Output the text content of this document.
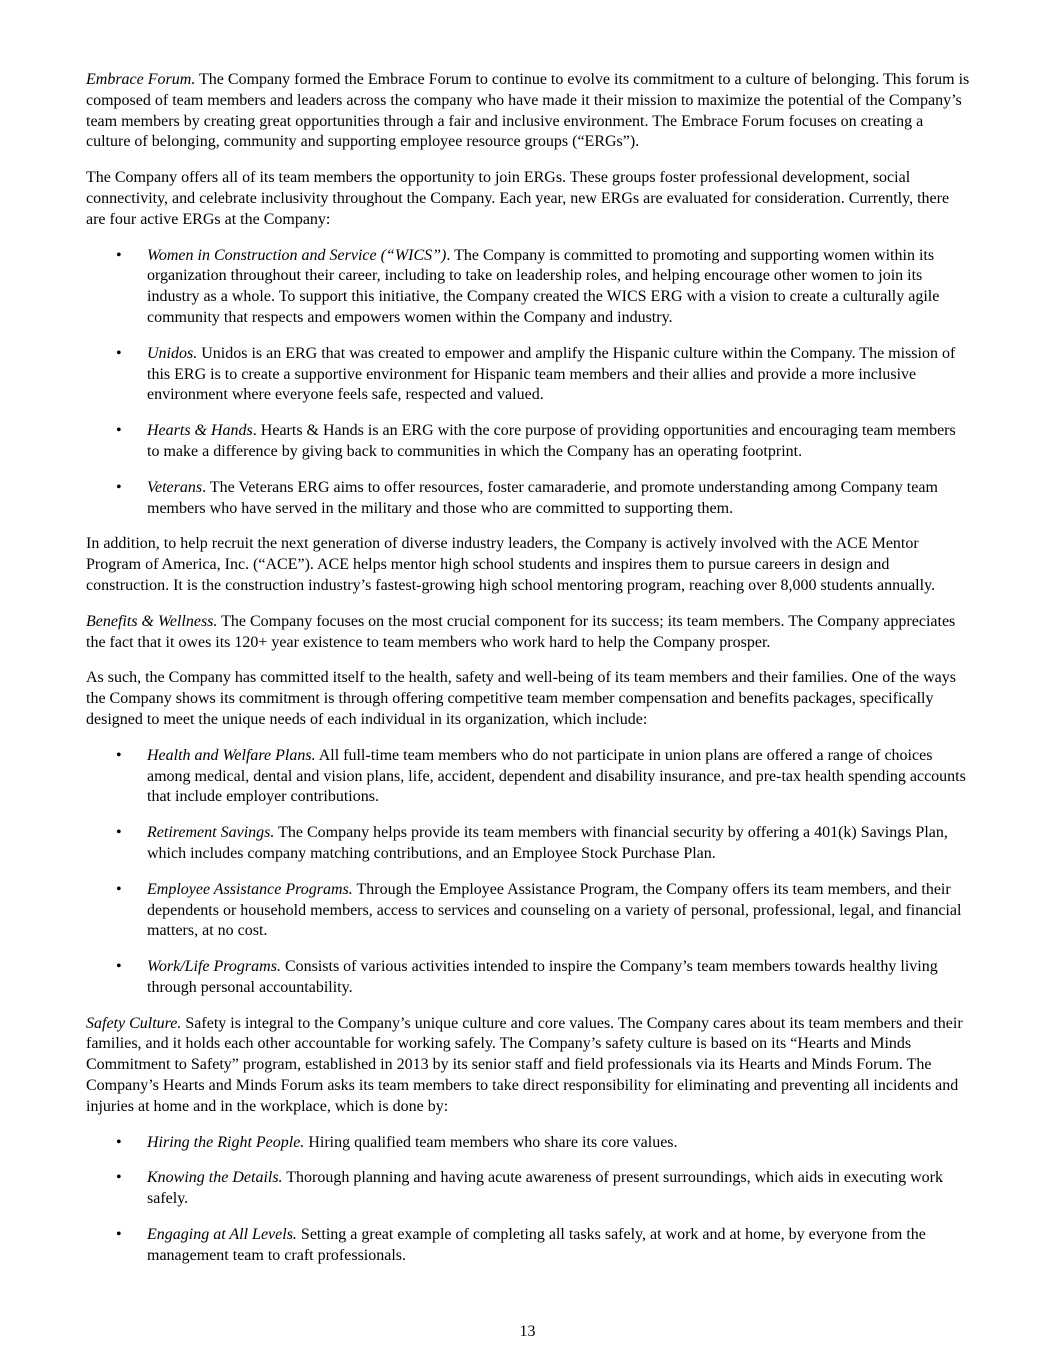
Embrace Forum. The Company formed the Embrace Forum to continue to evolve its commitment to a culture of belonging. This forum is composed of team members and leaders across the company who have made it their mission to maximize the potential of the Company’s team members by creating great opportunities through a fair and inclusive environment. The Embrace Forum focuses on creating a culture of belonging, community and supporting employee resource groups (“ERGs”).

The Company offers all of its team members the opportunity to join ERGs. These groups foster professional development, social connectivity, and celebrate inclusivity throughout the Company. Each year, new ERGs are evaluated for consideration. Currently, there are four active ERGs at the Company:

• Women in Construction and Service (“WICS”). The Company is committed to promoting and supporting women within its organization throughout their career, including to take on leadership roles, and helping encourage other women to join its industry as a whole. To support this initiative, the Company created the WICS ERG with a vision to create a culturally agile community that respects and empowers women within the Company and industry.
• Unidos. Unidos is an ERG that was created to empower and amplify the Hispanic culture within the Company. The mission of this ERG is to create a supportive environment for Hispanic team members and their allies and provide a more inclusive environment where everyone feels safe, respected and valued.
• Hearts & Hands. Hearts & Hands is an ERG with the core purpose of providing opportunities and encouraging team members to make a difference by giving back to communities in which the Company has an operating footprint.
• Veterans. The Veterans ERG aims to offer resources, foster camaraderie, and promote understanding among Company team members who have served in the military and those who are committed to supporting them.

In addition, to help recruit the next generation of diverse industry leaders, the Company is actively involved with the ACE Mentor Program of America, Inc. (“ACE”). ACE helps mentor high school students and inspires them to pursue careers in design and construction. It is the construction industry’s fastest-growing high school mentoring program, reaching over 8,000 students annually.

Benefits & Wellness. The Company focuses on the most crucial component for its success; its team members. The Company appreciates the fact that it owes its 120+ year existence to team members who work hard to help the Company prosper.

As such, the Company has committed itself to the health, safety and well-being of its team members and their families. One of the ways the Company shows its commitment is through offering competitive team member compensation and benefits packages, specifically designed to meet the unique needs of each individual in its organization, which include:

• Health and Welfare Plans. All full-time team members who do not participate in union plans are offered a range of choices among medical, dental and vision plans, life, accident, dependent and disability insurance, and pre-tax health spending accounts that include employer contributions.
• Retirement Savings. The Company helps provide its team members with financial security by offering a 401(k) Savings Plan, which includes company matching contributions, and an Employee Stock Purchase Plan.
• Employee Assistance Programs. Through the Employee Assistance Program, the Company offers its team members, and their dependents or household members, access to services and counseling on a variety of personal, professional, legal, and financial matters, at no cost.
• Work/Life Programs. Consists of various activities intended to inspire the Company’s team members towards healthy living through personal accountability.

Safety Culture. Safety is integral to the Company’s unique culture and core values. The Company cares about its team members and their families, and it holds each other accountable for working safely. The Company’s safety culture is based on its “Hearts and Minds Commitment to Safety” program, established in 2013 by its senior staff and field professionals via its Hearts and Minds Forum. The Company’s Hearts and Minds Forum asks its team members to take direct responsibility for eliminating and preventing all incidents and injuries at home and in the workplace, which is done by:

• Hiring the Right People. Hiring qualified team members who share its core values.
• Knowing the Details. Thorough planning and having acute awareness of present surroundings, which aids in executing work safely.
• Engaging at All Levels. Setting a great example of completing all tasks safely, at work and at home, by everyone from the management team to craft professionals.
13
